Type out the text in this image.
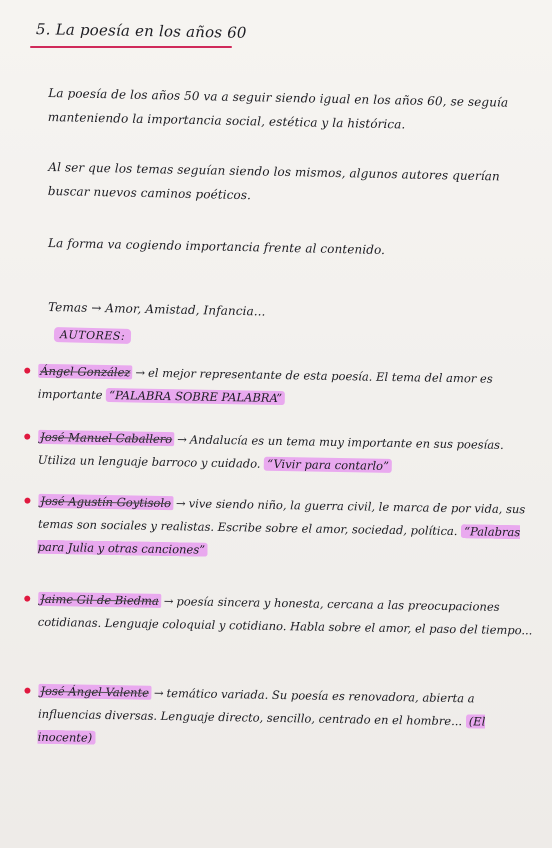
5. La poesía en los años 60
La poesía de los años 50 va a seguir siendo igual en los años 60, se seguía manteniendo la importancia social, estética y la histórica.
Al ser que los temas seguían siendo los mismos, algunos autores querían buscar nuevos caminos poéticos.
La forma va cogiendo importancia frente al contenido.
Temas → Amor, Amistad, Infancia...
AUTORES:
Ángel González → el mejor representante de esta poesía. El tema del amor es importante “PALABRA SOBRE PALABRA”
José Manuel Caballero → Andalucía es un tema muy importante en sus poesías. Utiliza un lenguaje barroco y cuidado. “Vivir para contarlo”
José Agustín Goytisolo → vive siendo niño, la guerra civil, le marca de por vida, sus temas son sociales y realistas. Escribe sobre el amor, sociedad, política. “Palabras para Julia y otras canciones”
Jaime Gil de Biedma → poesía sincera y honesta, cercana a las preocupaciones cotidianas. Lenguaje coloquial y cotidiano. Habla sobre el amor, el paso del tiempo...
José Ángel Valente → temático variada. Su poesía es renovadora, abierta a influencias diversas. Lenguaje directo, sencillo, centrado en el hombre... (El inocente)
